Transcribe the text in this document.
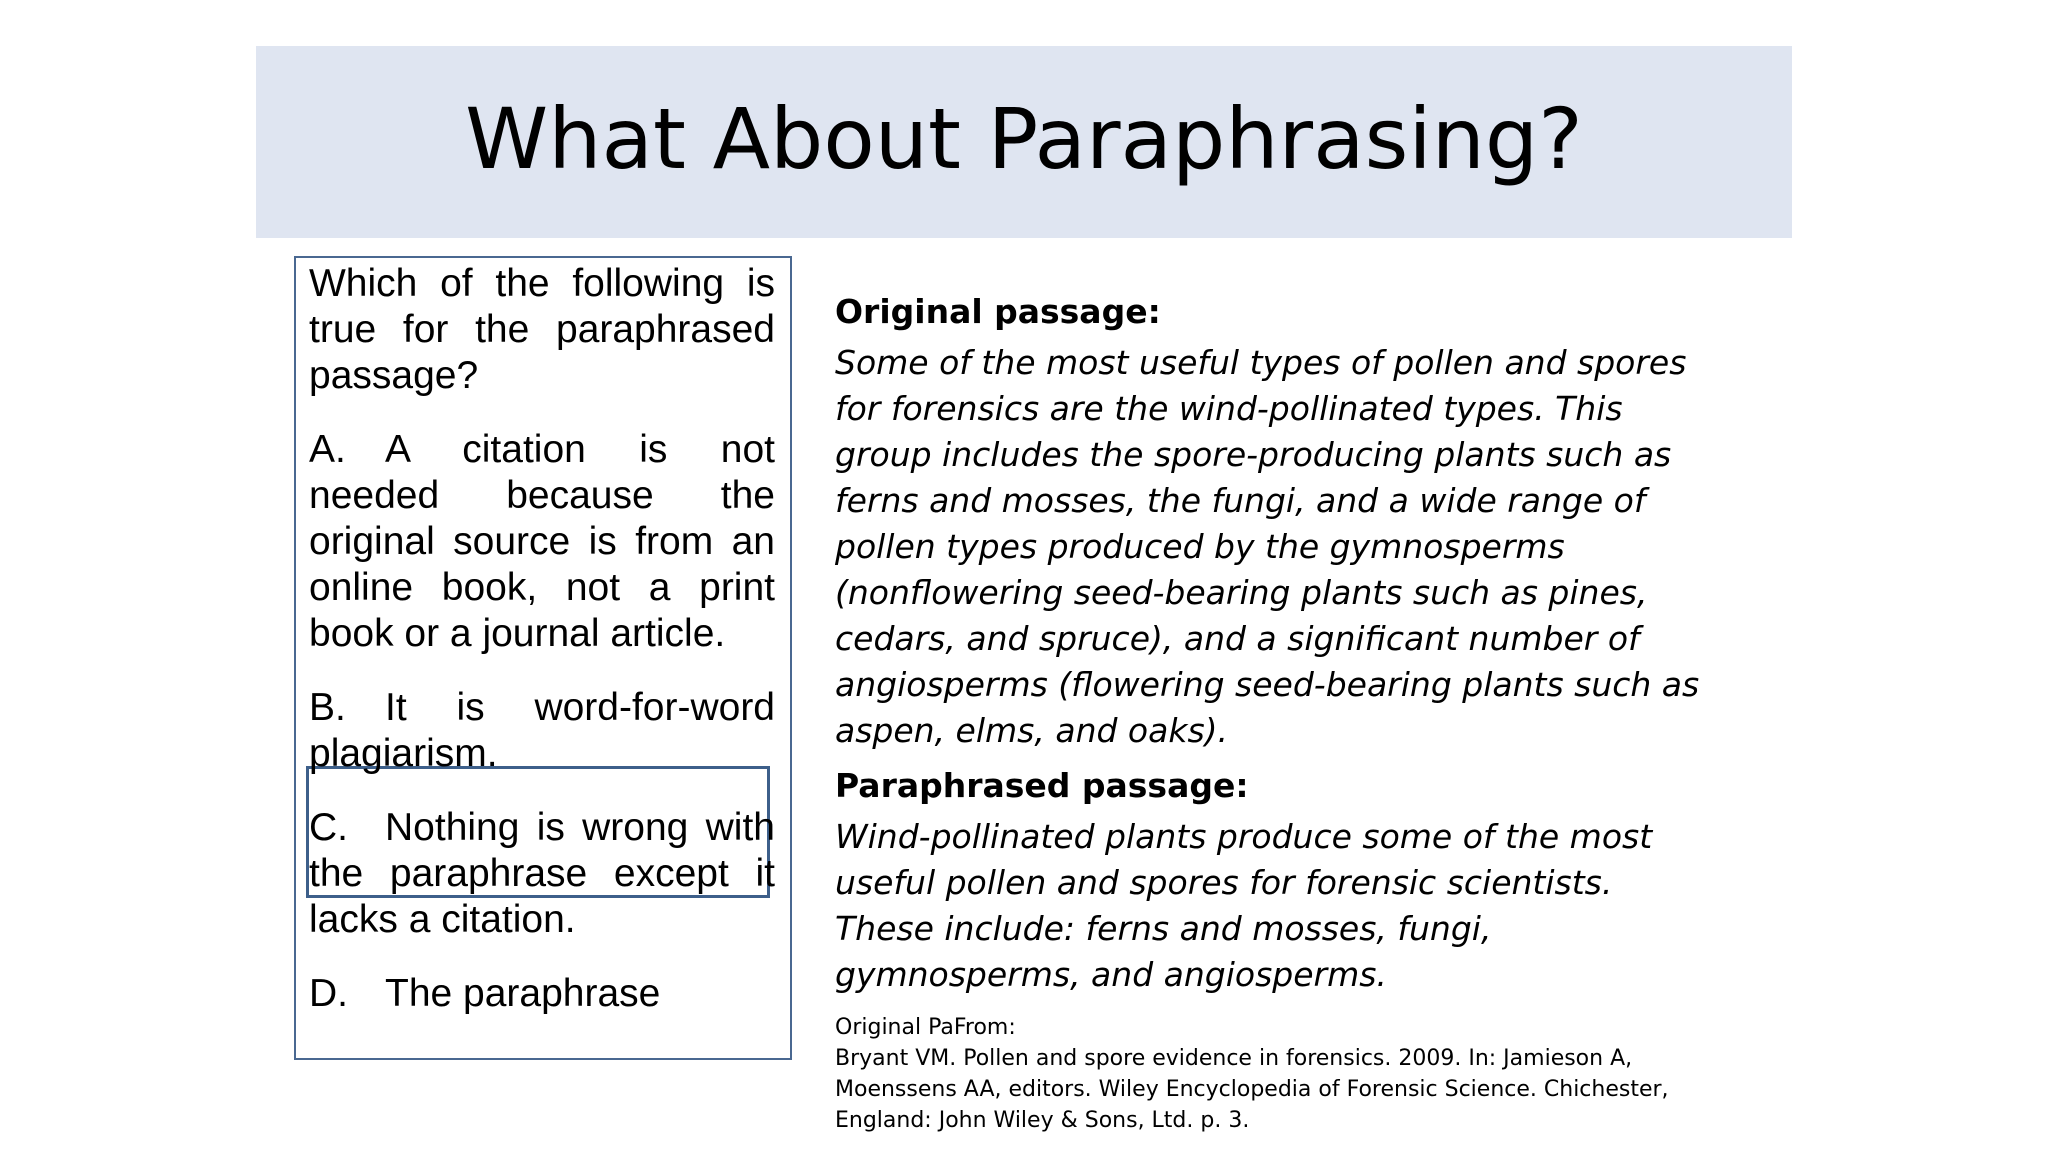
What About Paraphrasing?

Which of the following is true for the paraphrased passage?

A. A citation is not needed because the original source is from an online book, not a print book or a journal article.

B. It is word-for-word plagiarism.

C. Nothing is wrong with the paraphrase except it lacks a citation.

D. The paraphrase

Original passage:

Some of the most useful types of pollen and spores for forensics are the wind-pollinated types. This group includes the spore-producing plants such as ferns and mosses, the fungi, and a wide range of pollen types produced by the gymnosperms (nonflowering seed-bearing plants such as pines, cedars, and spruce), and a significant number of angiosperms (flowering seed-bearing plants such as aspen, elms, and oaks).

Paraphrased passage:

Wind-pollinated plants produce some of the most useful pollen and spores for forensic scientists. These include: ferns and mosses, fungi, gymnosperms, and angiosperms.

Original PaFrom:
Bryant VM. Pollen and spore evidence in forensics. 2009. In: Jamieson A,
Moenssens AA, editors. Wiley Encyclopedia of Forensic Science. Chichester,
England: John Wiley & Sons, Ltd. p. 3.
